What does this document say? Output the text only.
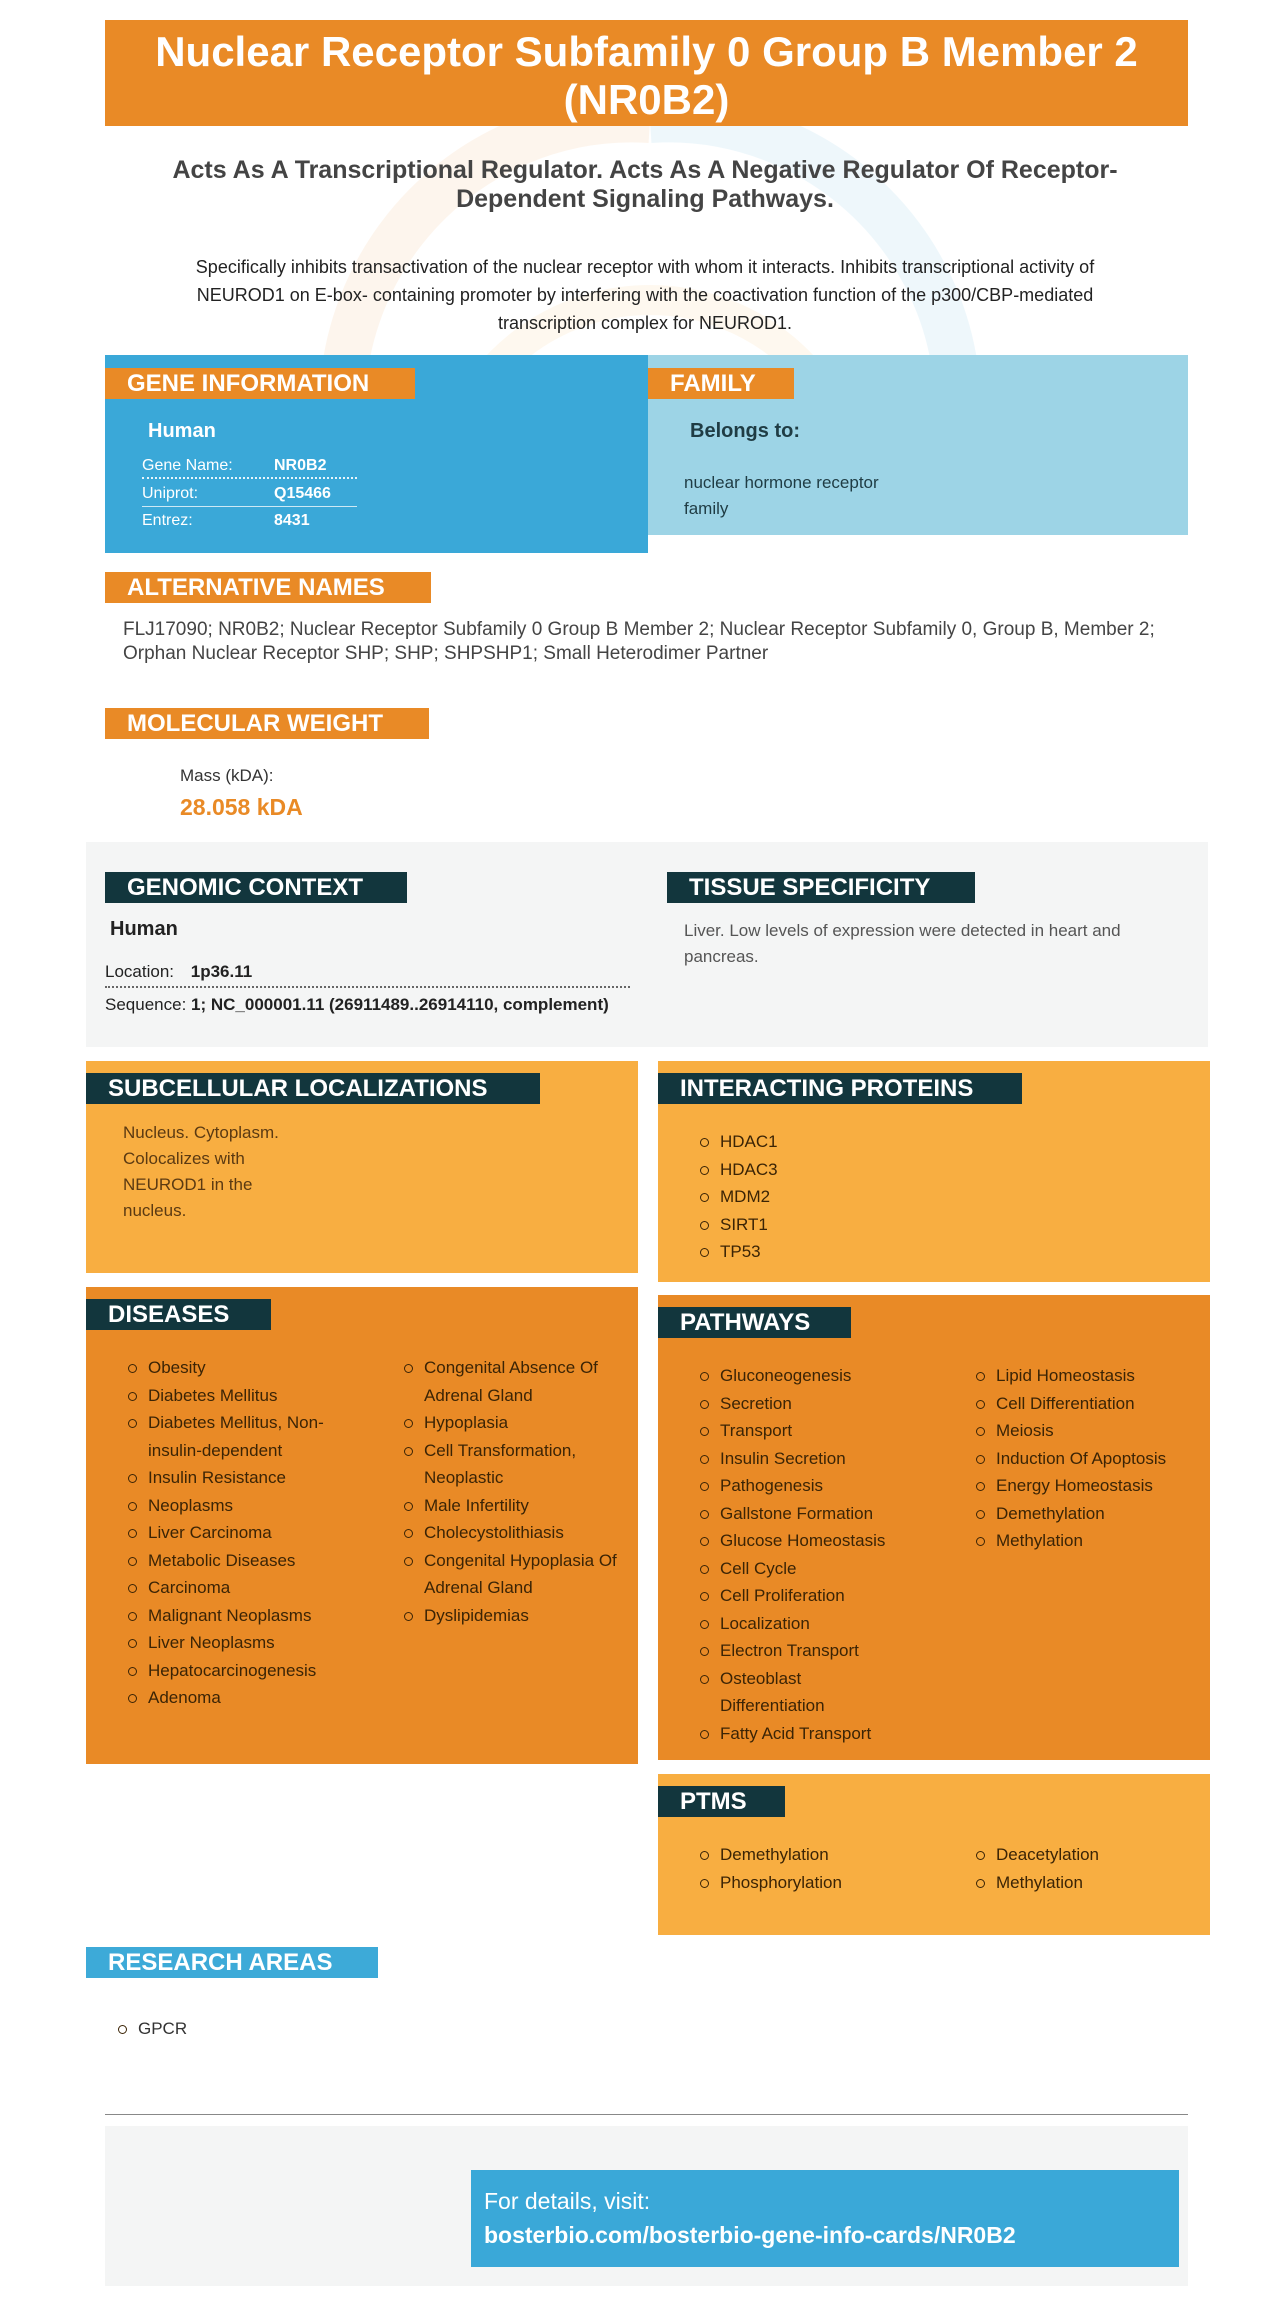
Nuclear Receptor Subfamily 0 Group B Member 2 (NR0B2)
Acts As A Transcriptional Regulator. Acts As A Negative Regulator Of Receptor-Dependent Signaling Pathways.
Specifically inhibits transactivation of the nuclear receptor with whom it interacts. Inhibits transcriptional activity of NEUROD1 on E-box- containing promoter by interfering with the coactivation function of the p300/CBP-mediated transcription complex for NEUROD1.
GENE INFORMATION
Human
Gene Name:	NR0B2
Uniprot:	Q15466
Entrez:	8431
FAMILY
Belongs to:
nuclear hormone receptor family
ALTERNATIVE NAMES
FLJ17090; NR0B2; Nuclear Receptor Subfamily 0 Group B Member 2; Nuclear Receptor Subfamily 0, Group B, Member 2; Orphan Nuclear Receptor SHP; SHP; SHPSHP1; Small Heterodimer Partner
MOLECULAR WEIGHT
Mass (kDA):
28.058 kDA
GENOMIC CONTEXT
Human
Location: 1p36.11
Sequence: 1; NC_000001.11 (26911489..26914110, complement)
TISSUE SPECIFICITY
Liver. Low levels of expression were detected in heart and pancreas.
SUBCELLULAR LOCALIZATIONS
Nucleus. Cytoplasm. Colocalizes with NEUROD1 in the nucleus.
INTERACTING PROTEINS
HDAC1
HDAC3
MDM2
SIRT1
TP53
DISEASES
Obesity
Diabetes Mellitus
Diabetes Mellitus, Non-insulin-dependent
Insulin Resistance
Neoplasms
Liver Carcinoma
Metabolic Diseases
Carcinoma
Malignant Neoplasms
Liver Neoplasms
Hepatocarcinogenesis
Adenoma
Congenital Absence Of Adrenal Gland
Hypoplasia
Cell Transformation, Neoplastic
Male Infertility
Cholecystolithiasis
Congenital Hypoplasia Of Adrenal Gland
Dyslipidemias
PATHWAYS
Gluconeogenesis
Secretion
Transport
Insulin Secretion
Pathogenesis
Gallstone Formation
Glucose Homeostasis
Cell Cycle
Cell Proliferation
Localization
Electron Transport
Osteoblast Differentiation
Fatty Acid Transport
Lipid Homeostasis
Cell Differentiation
Meiosis
Induction Of Apoptosis
Energy Homeostasis
Demethylation
Methylation
PTMS
Demethylation
Phosphorylation
Deacetylation
Methylation
RESEARCH AREAS
GPCR
For details, visit:
bosterbio.com/bosterbio-gene-info-cards/NR0B2
